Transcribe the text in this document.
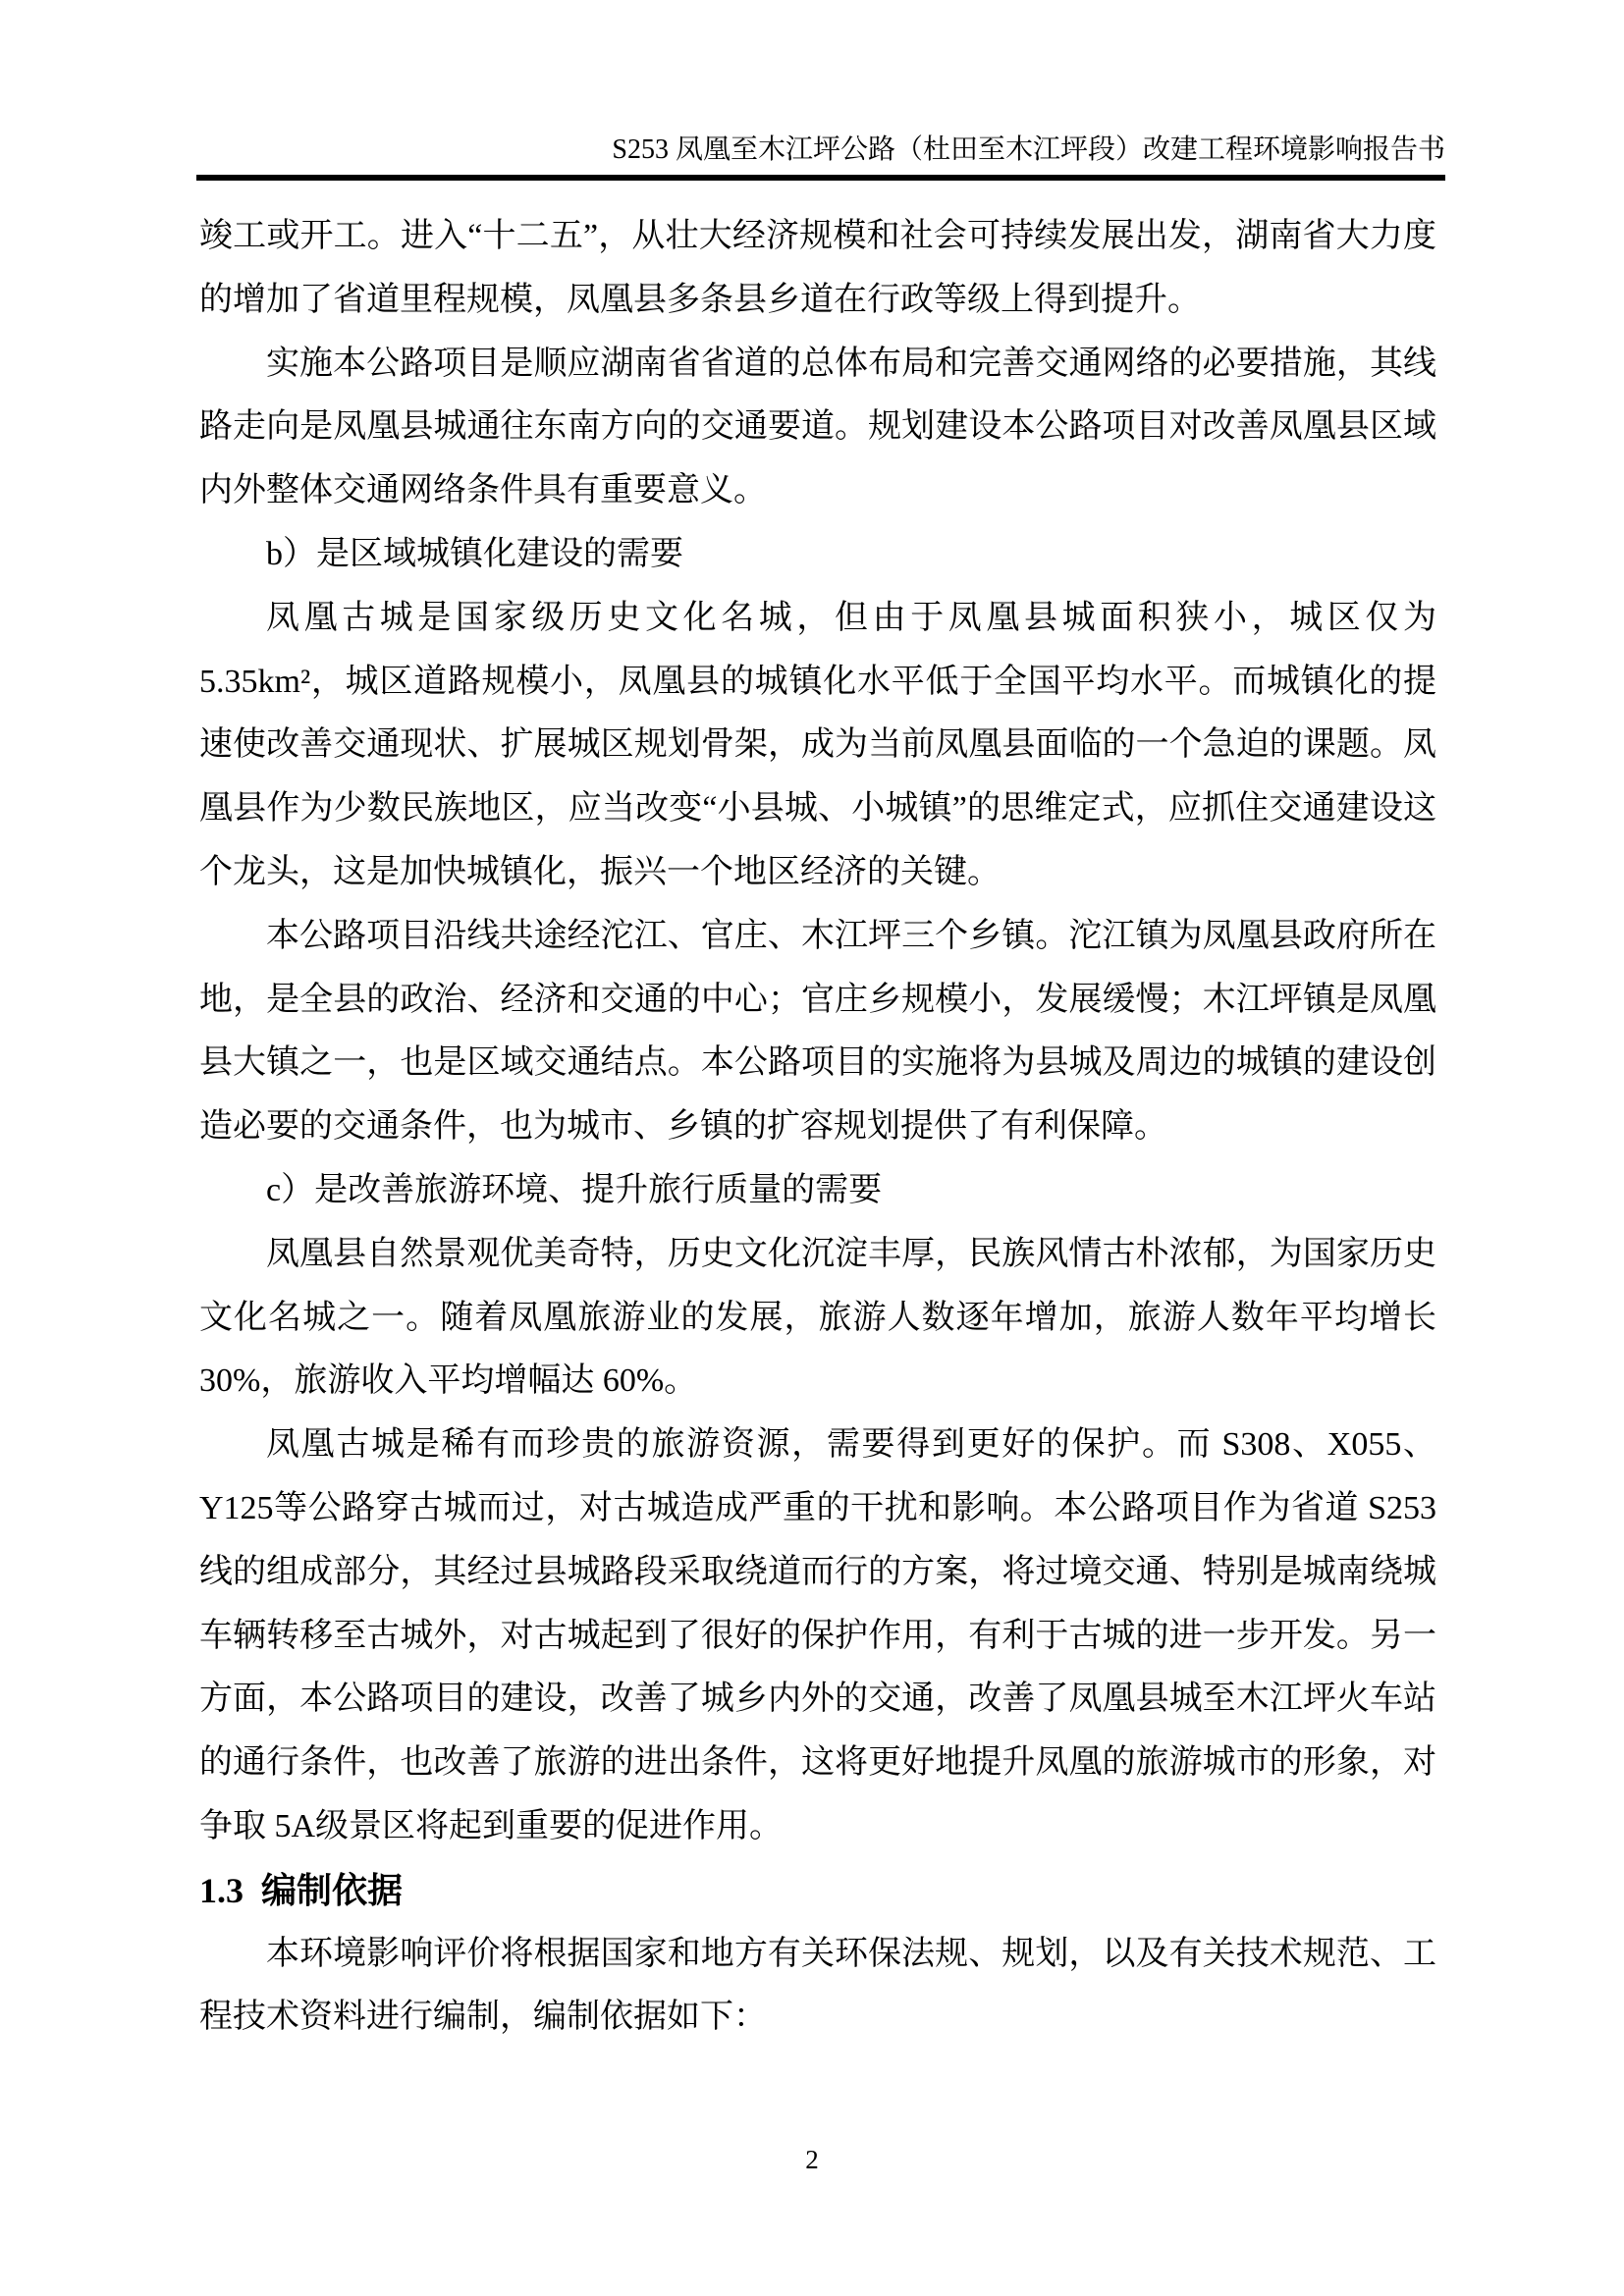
S253 凤凰至木江坪公路（杜田至木江坪段）改建工程环境影响报告书

竣工或开工。进入“十二五”，从壮大经济规模和社会可持续发展出发，湖南省大力度的增加了省道里程规模，凤凰县多条县乡道在行政等级上得到提升。

实施本公路项目是顺应湖南省省道的总体布局和完善交通网络的必要措施，其线路走向是凤凰县城通往东南方向的交通要道。规划建设本公路项目对改善凤凰县区域内外整体交通网络条件具有重要意义。

b）是区域城镇化建设的需要

凤凰古城是国家级历史文化名城，但由于凤凰县城面积狭小，城区仅为 5.35km²，城区道路规模小，凤凰县的城镇化水平低于全国平均水平。而城镇化的提速使改善交通现状、扩展城区规划骨架，成为当前凤凰县面临的一个急迫的课题。凤凰县作为少数民族地区，应当改变“小县城、小城镇”的思维定式，应抓住交通建设这个龙头，这是加快城镇化，振兴一个地区经济的关键。

本公路项目沿线共途经沱江、官庄、木江坪三个乡镇。沱江镇为凤凰县政府所在地，是全县的政治、经济和交通的中心；官庄乡规模小，发展缓慢；木江坪镇是凤凰县大镇之一，也是区域交通结点。本公路项目的实施将为县城及周边的城镇的建设创造必要的交通条件，也为城市、乡镇的扩容规划提供了有利保障。

c）是改善旅游环境、提升旅行质量的需要

凤凰县自然景观优美奇特，历史文化沉淀丰厚，民族风情古朴浓郁，为国家历史文化名城之一。随着凤凰旅游业的发展，旅游人数逐年增加，旅游人数年平均增长30%，旅游收入平均增幅达 60%。

凤凰古城是稀有而珍贵的旅游资源，需要得到更好的保护。而 S308、X055、Y125等公路穿古城而过，对古城造成严重的干扰和影响。本公路项目作为省道 S253 线的组成部分，其经过县城路段采取绕道而行的方案，将过境交通、特别是城南绕城车辆转移至古城外，对古城起到了很好的保护作用，有利于古城的进一步开发。另一方面，本公路项目的建设，改善了城乡内外的交通，改善了凤凰县城至木江坪火车站的通行条件，也改善了旅游的进出条件，这将更好地提升凤凰的旅游城市的形象，对争取 5A级景区将起到重要的促进作用。

1.3  编制依据

本环境影响评价将根据国家和地方有关环保法规、规划，以及有关技术规范、工程技术资料进行编制，编制依据如下：

2
